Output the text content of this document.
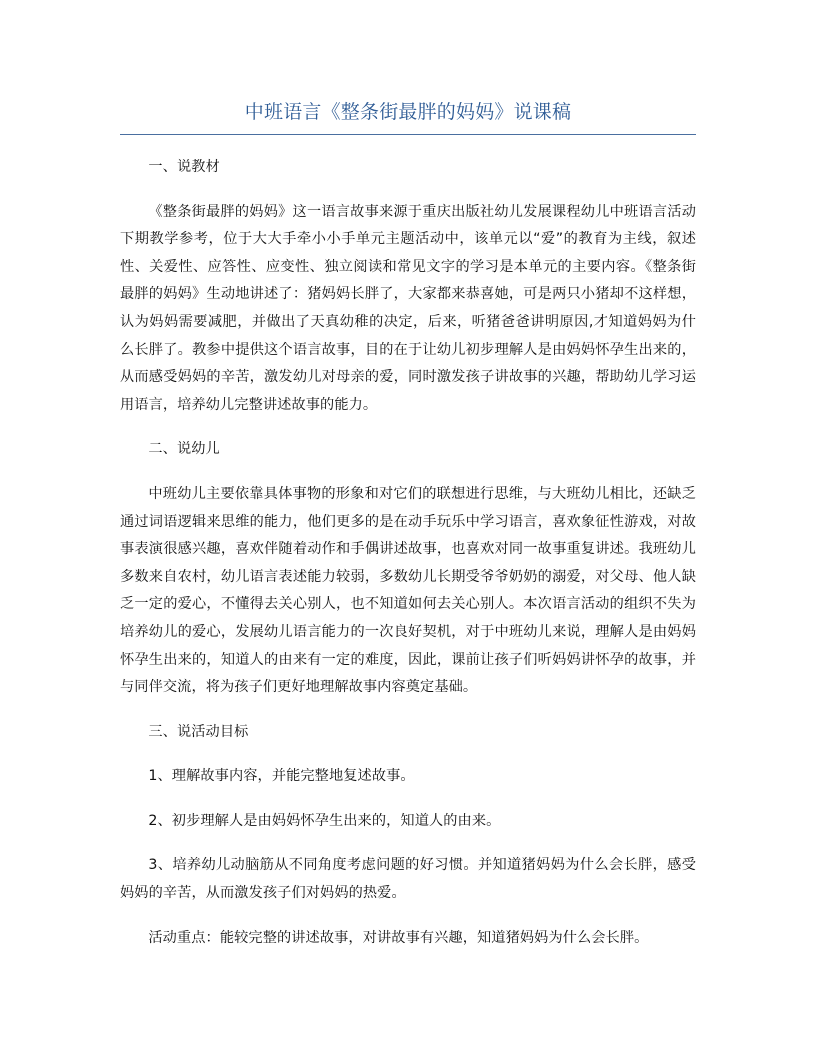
中班语言《整条街最胖的妈妈》说课稿

一、说教材

《整条街最胖的妈妈》这一语言故事来源于重庆出版社幼儿发展课程幼儿中班语言活动下期教学参考，位于大大手牵小小手单元主题活动中，该单元以“爱”的教育为主线，叙述性、关爱性、应答性、应变性、独立阅读和常见文字的学习是本单元的主要内容。《整条街最胖的妈妈》生动地讲述了：猪妈妈长胖了，大家都来恭喜她，可是两只小猪却不这样想，认为妈妈需要减肥，并做出了天真幼稚的决定，后来，听猪爸爸讲明原因,才知道妈妈为什么长胖了。教参中提供这个语言故事，目的在于让幼儿初步理解人是由妈妈怀孕生出来的，从而感受妈妈的辛苦，激发幼儿对母亲的爱，同时激发孩子讲故事的兴趣，帮助幼儿学习运用语言，培养幼儿完整讲述故事的能力。

二、说幼儿

中班幼儿主要依靠具体事物的形象和对它们的联想进行思维，与大班幼儿相比，还缺乏通过词语逻辑来思维的能力，他们更多的是在动手玩乐中学习语言，喜欢象征性游戏，对故事表演很感兴趣，喜欢伴随着动作和手偶讲述故事，也喜欢对同一故事重复讲述。我班幼儿多数来自农村，幼儿语言表述能力较弱，多数幼儿长期受爷爷奶奶的溺爱，对父母、他人缺乏一定的爱心，不懂得去关心别人，也不知道如何去关心别人。本次语言活动的组织不失为培养幼儿的爱心，发展幼儿语言能力的一次良好契机，对于中班幼儿来说，理解人是由妈妈怀孕生出来的，知道人的由来有一定的难度，因此，课前让孩子们听妈妈讲怀孕的故事，并与同伴交流，将为孩子们更好地理解故事内容奠定基础。

三、说活动目标

1、理解故事内容，并能完整地复述故事。

2、初步理解人是由妈妈怀孕生出来的，知道人的由来。

3、培养幼儿动脑筋从不同角度考虑问题的好习惯。并知道猪妈妈为什么会长胖，感受妈妈的辛苦，从而激发孩子们对妈妈的热爱。

活动重点：能较完整的讲述故事，对讲故事有兴趣，知道猪妈妈为什么会长胖。
